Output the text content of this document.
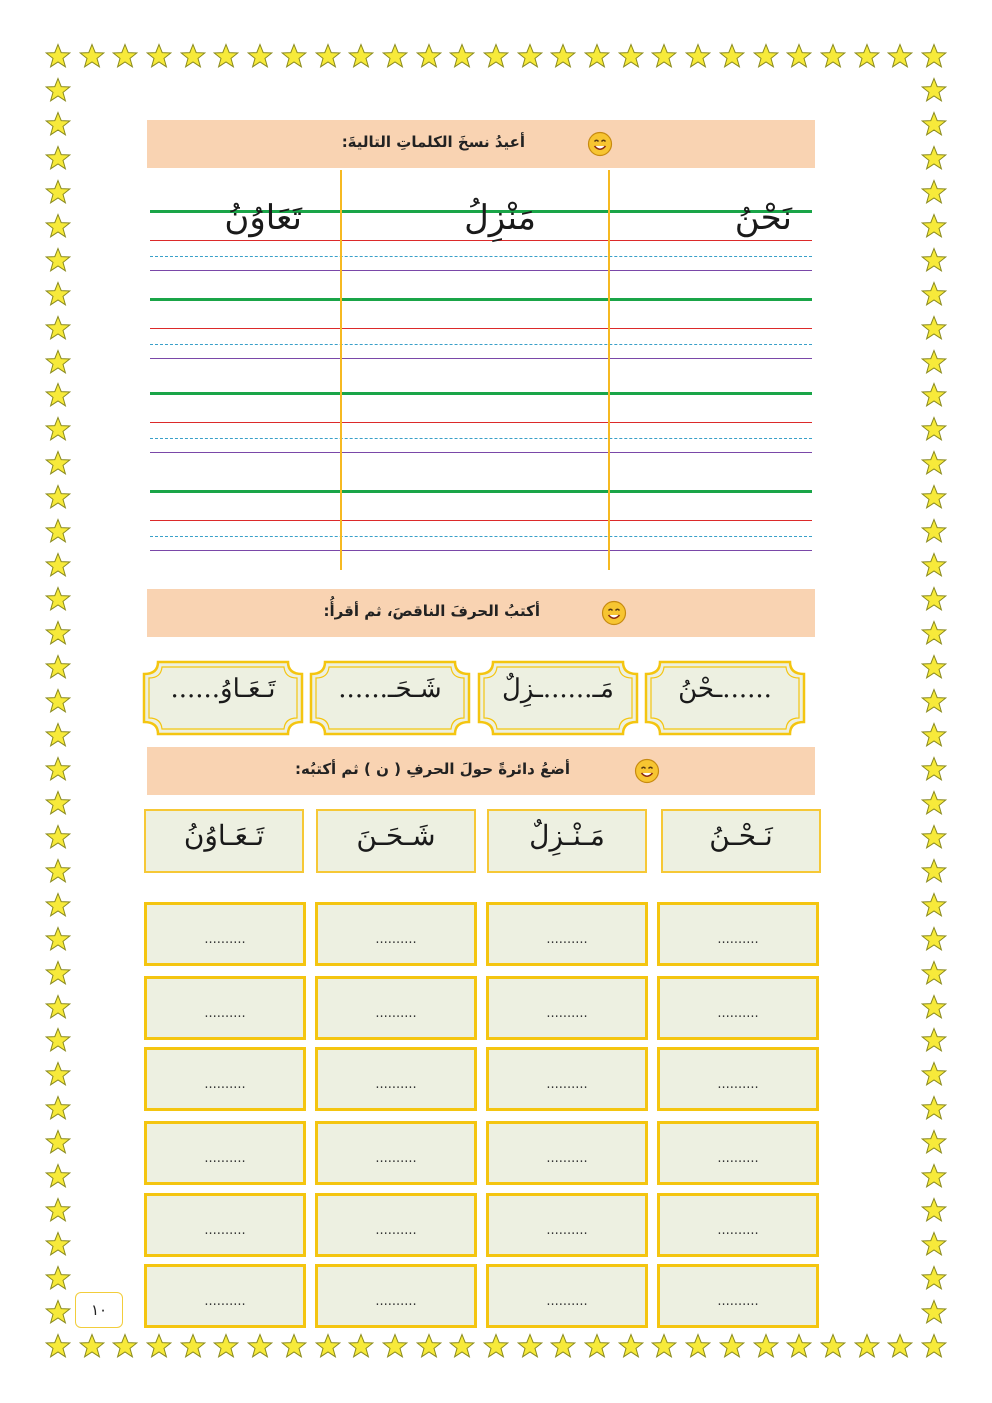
أعيدُ نسخَ الكلماتِ التاليةَ:
نَحْنُ
مَنْزِلُ
تَعَاوُنُ
أكتبُ الحرفَ الناقصَ، ثم أقرأُ:
......ـحْنُ
مَـ......ـزِلٌ
شَـحَـ......
تَـعَـاوُ......
أضعُ دائرةً حولَ الحرفِ ( ن ) ثم أكتبُه:
نَـحْـنُ
مَـنْـزِلٌ
شَـحَـنَ
تَـعَـاوُنُ
..........	..........	..........	..........
..........	..........	..........	..........
..........	..........	..........	..........
..........	..........	..........	..........
..........	..........	..........	..........
..........	..........	..........	..........
١٠
